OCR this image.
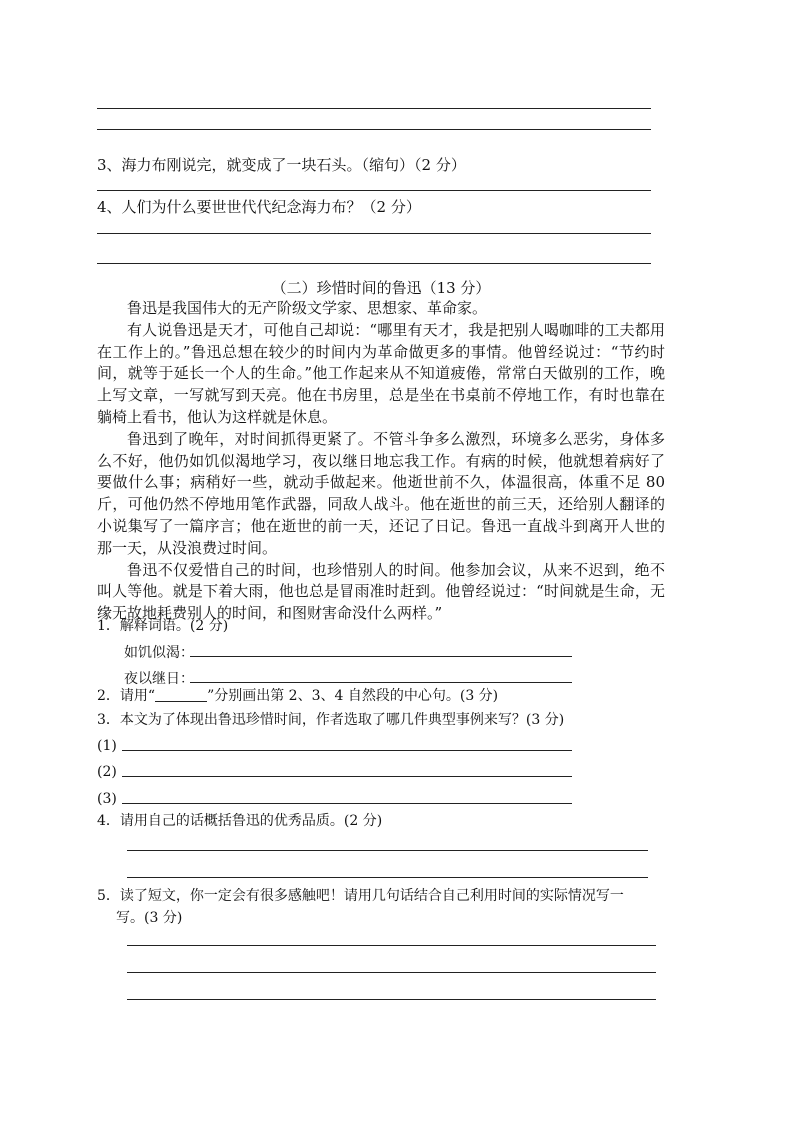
3、海力布刚说完，就变成了一块石头。（缩句）（2 分）
4、人们为什么要世世代代纪念海力布？（2 分）
（二）珍惜时间的鲁迅（13 分）

鲁迅是我国伟大的无产阶级文学家、思想家、革命家。

有人说鲁迅是天才，可他自己却说：“哪里有天才，我是把别人喝咖啡的工夫都用在工作上的。”鲁迅总想在较少的时间内为革命做更多的事情。他曾经说过：“节约时间，就等于延长一个人的生命。”他工作起来从不知道疲倦，常常白天做别的工作，晚上写文章，一写就写到天亮。他在书房里，总是坐在书桌前不停地工作，有时也靠在躺椅上看书，他认为这样就是休息。

鲁迅到了晚年，对时间抓得更紧了。不管斗争多么激烈，环境多么恶劣，身体多么不好，他仍如饥似渴地学习，夜以继日地忘我工作。有病的时候，他就想着病好了要做什么事；病稍好一些，就动手做起来。他逝世前不久，体温很高，体重不足 80 斤，可他仍然不停地用笔作武器，同敌人战斗。他在逝世的前三天，还给别人翻译的小说集写了一篇序言；他在逝世的前一天，还记了日记。鲁迅一直战斗到离开人世的那一天，从没浪费过时间。

鲁迅不仅爱惜自己的时间，也珍惜别人的时间。他参加会议，从来不迟到，绝不叫人等他。就是下着大雨，他也总是冒雨准时赶到。他曾经说过：“时间就是生命，无缘无故地耗费别人的时间，和图财害命没什么两样。”

1．解释词语。(2 分)
如饥似渴：
夜以继日：
2．请用“	”分别画出第 2、3、4 自然段的中心句。(3 分)
3．本文为了体现出鲁迅珍惜时间，作者选取了哪几件典型事例来写？(3 分)
(1)
(2)
(3)
4．请用自己的话概括鲁迅的优秀品质。(2 分)
5．读了短文，你一定会有很多感触吧！请用几句话结合自己利用时间的实际情况写一
写。(3 分)
